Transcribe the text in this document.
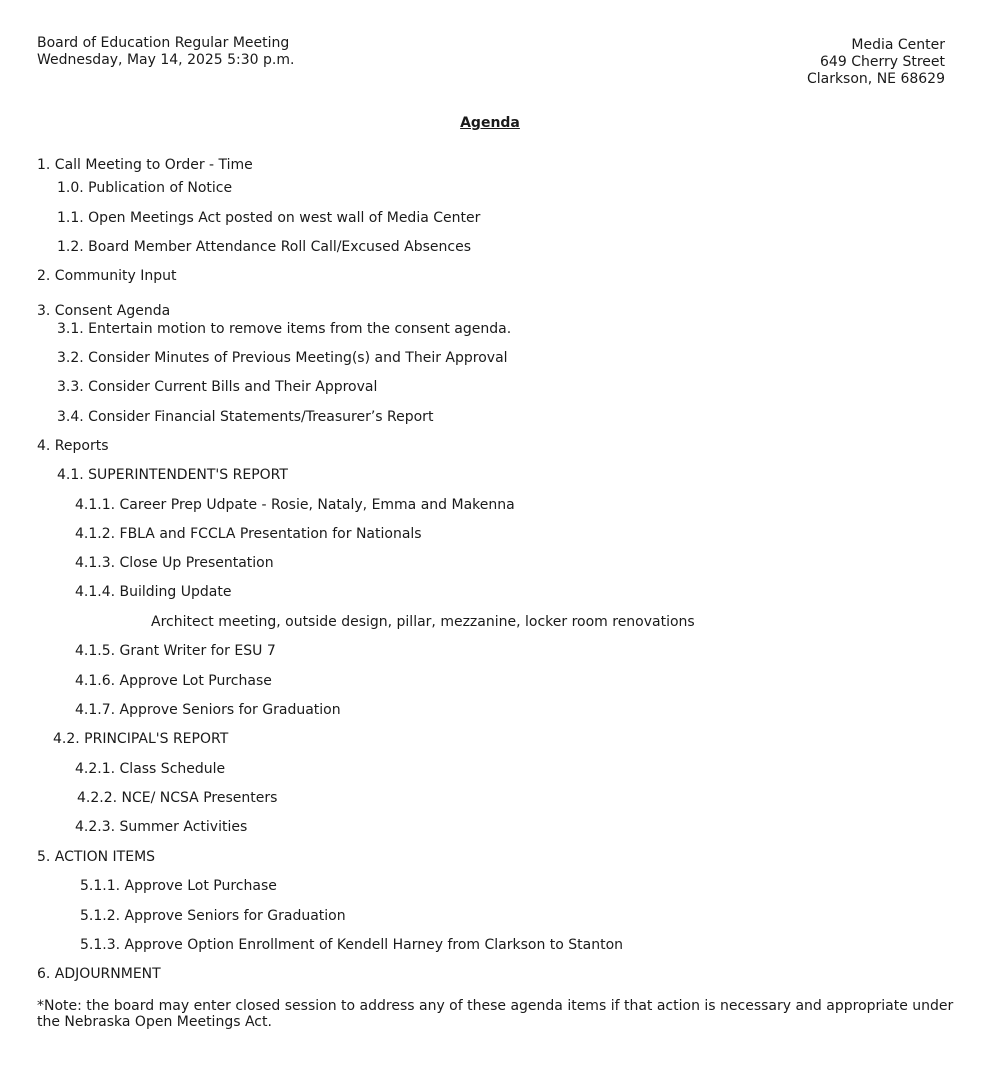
Board of Education Regular Meeting
Wednesday, May 14, 2025 5:30 p.m.
Media Center
649 Cherry Street
Clarkson, NE 68629
Agenda
1. Call Meeting to Order - Time
1.0. Publication of Notice
1.1. Open Meetings Act posted on west wall of Media Center
1.2. Board Member Attendance Roll Call/Excused Absences
2. Community Input
3. Consent Agenda
3.1. Entertain motion to remove items from the consent agenda.
3.2. Consider Minutes of Previous Meeting(s) and Their Approval
3.3. Consider Current Bills and Their Approval
3.4. Consider Financial Statements/Treasurer’s Report
4. Reports
4.1. SUPERINTENDENT'S REPORT
4.1.1. Career Prep Udpate - Rosie, Nataly, Emma and Makenna
4.1.2. FBLA and FCCLA Presentation for Nationals
4.1.3. Close Up Presentation
4.1.4. Building Update
Architect meeting, outside design, pillar, mezzanine, locker room renovations
4.1.5. Grant Writer for ESU 7
4.1.6. Approve Lot Purchase
4.1.7. Approve Seniors for Graduation
4.2. PRINCIPAL'S REPORT
4.2.1. Class Schedule
4.2.2. NCE/ NCSA Presenters
4.2.3. Summer Activities
5. ACTION ITEMS
5.1.1. Approve Lot Purchase
5.1.2. Approve Seniors for Graduation
5.1.3. Approve Option Enrollment of Kendell Harney from Clarkson to Stanton
6. ADJOURNMENT
*Note: the board may enter closed session to address any of these agenda items if that action is necessary and appropriate under the Nebraska Open Meetings Act.
